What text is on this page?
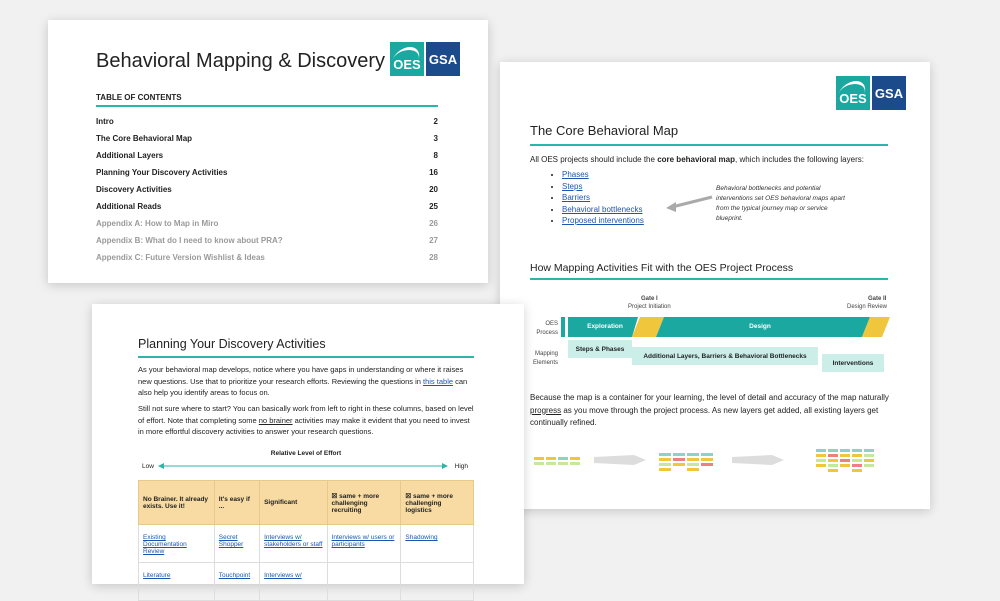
Behavioral Mapping & Discovery OES GSA
TABLE OF CONTENTS
Intro	2
The Core Behavioral Map	3
Additional Layers	8
Planning Your Discovery Activities	16
Discovery Activities	20
Additional Reads	25
Appendix A: How to Map in Miro	26
Appendix B: What do I need to know about PRA?	27
Appendix C: Future Version Wishlist & Ideas	28
OES GSA
The Core Behavioral Map
All OES projects should include the core behavioral map, which includes the following layers:
• Phases
• Steps
• Barriers
• Behavioral bottlenecks
• Proposed interventions
Behavioral bottlenecks and potential interventions set OES behavioral maps apart from the typical journey map or service blueprint.
How Mapping Activities Fit with the OES Project Process
Gate I
Project Initiation
Gate II
Design Review
OES
Process
Mapping
Elements
Exploration	Design
Steps & Phases
Additional Layers, Barriers & Behavioral Bottlenecks
Interventions
Because the map is a container for your learning, the level of detail and accuracy of the map naturally progress as you move through the project process. As new layers get added, all existing layers get continually refined.
Planning Your Discovery Activities
As your behavioral map develops, notice where you have gaps in understanding or where it raises new questions. Use that to prioritize your research efforts. Reviewing the questions in this table can also help you identify areas to focus on.
Still not sure where to start? You can basically work from left to right in these columns, based on level of effort. Note that completing some no brainer activities may make it evident that you need to invest in more effortful discovery activities to answer your research questions.
Relative Level of Effort
Low	High
No Brainer. It already exists. Use it!	It's easy if ...	Significant	☒ same + more challenging recruiting	☒ same + more challenging logistics
Existing Documentation Review	Secret Shopper	Interviews w/ stakeholders or staff	Interviews w/ users or participants	Shadowing
Literature	Touchpoint	Interviews w/		
